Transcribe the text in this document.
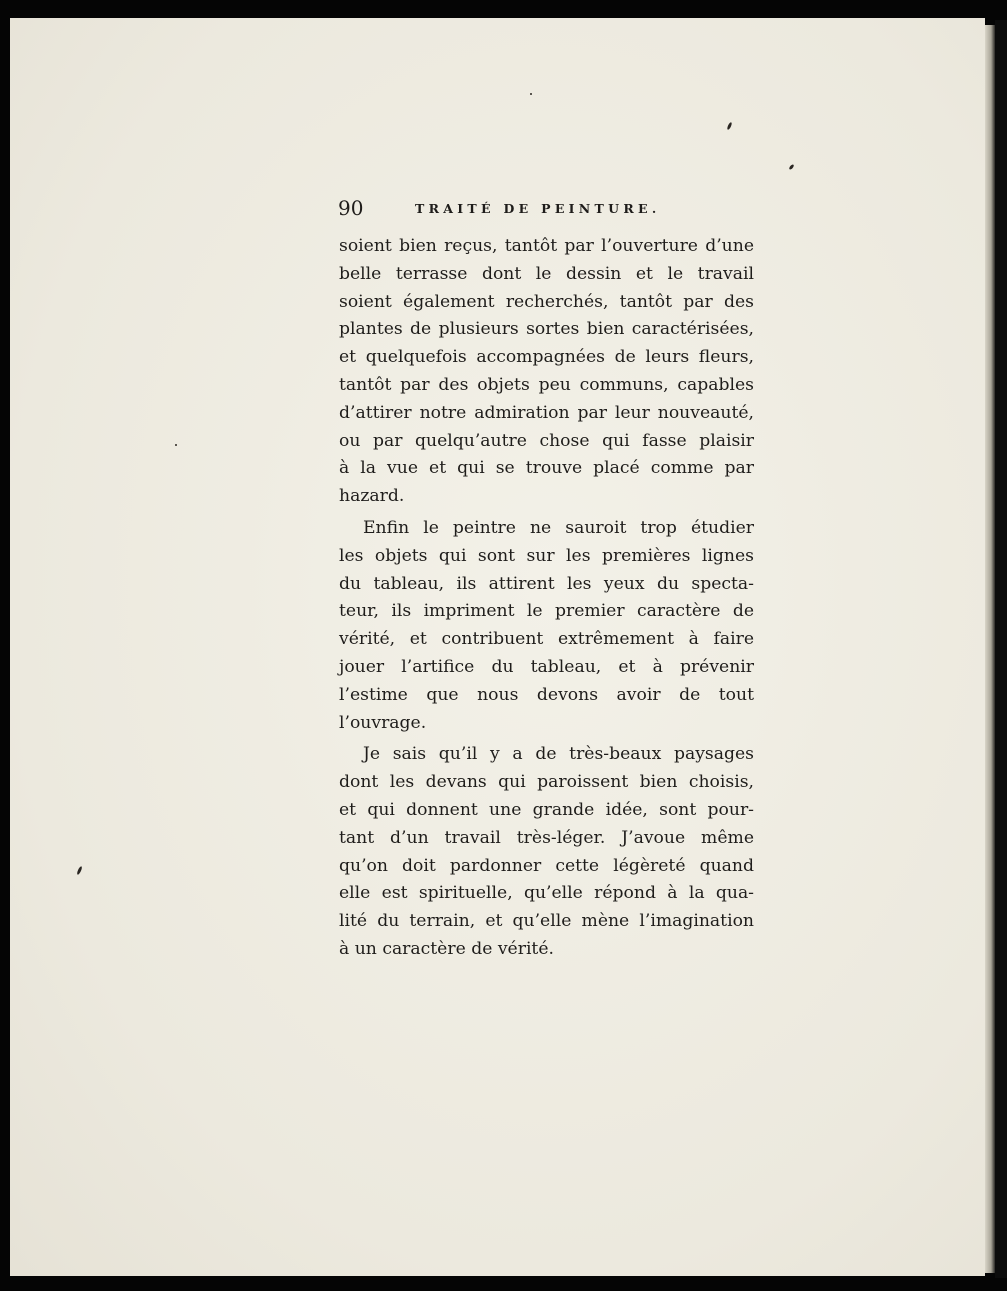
90	TRAITÉ DE PEINTURE.
soient bien reçus, tantôt par l’ouverture d’une
belle terrasse dont le dessin et le travail
soient également recherchés, tantôt par des
plantes de plusieurs sortes bien caractérisées,
et quelquefois accompagnées de leurs fleurs,
tantôt par des objets peu communs, capables
d’attirer notre admiration par leur nouveauté,
ou par quelqu’autre chose qui fasse plaisir
à la vue et qui se trouve placé comme par
hazard.
Enfin le peintre ne sauroit trop étudier
les objets qui sont sur les premières lignes
du tableau, ils attirent les yeux du specta-
teur, ils impriment le premier caractère de
vérité, et contribuent extrêmement à faire
jouer l’artifice du tableau, et à prévenir
l’estime que nous devons avoir de tout
l’ouvrage.
Je sais qu’il y a de très-beaux paysages
dont les devans qui paroissent bien choisis,
et qui donnent une grande idée, sont pour-
tant d’un travail très-léger. J’avoue même
qu’on doit pardonner cette légèreté quand
elle est spirituelle, qu’elle répond à la qua-
lité du terrain, et qu’elle mène l’imagination
à un caractère de vérité.
